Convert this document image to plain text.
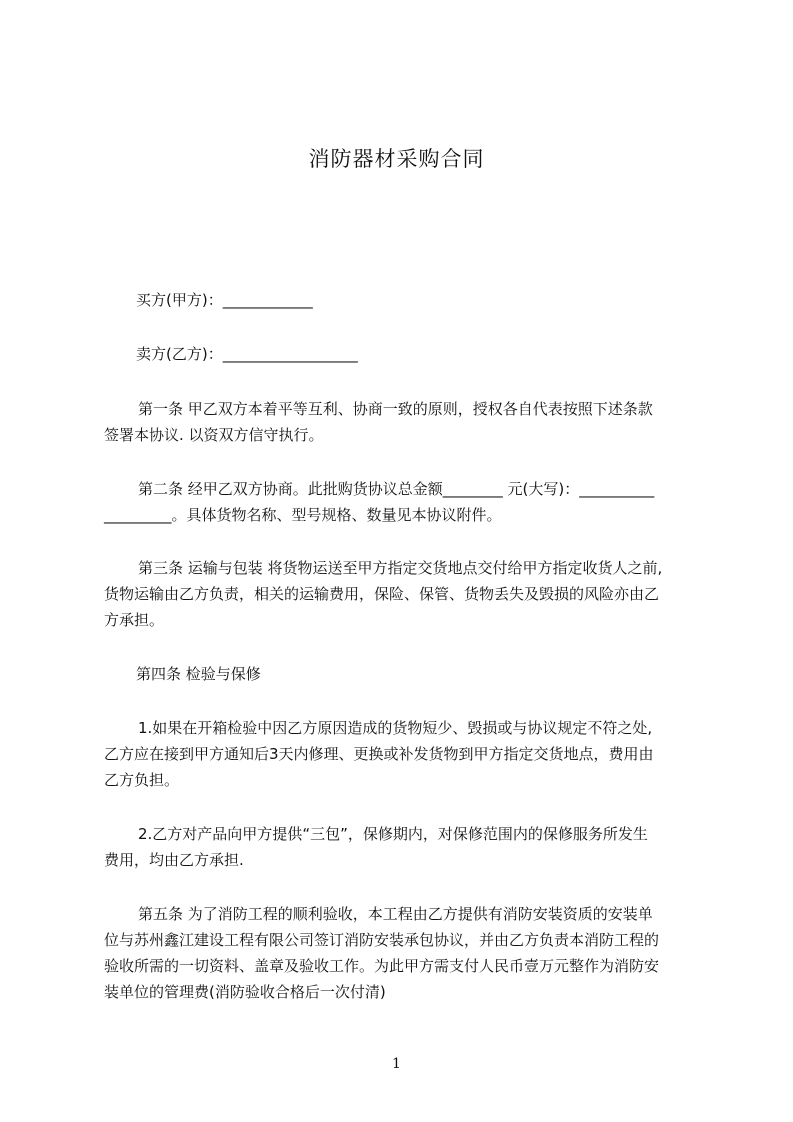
消防器材采购合同
买方(甲方)：____________
卖方(乙方)：__________________
第一条 甲乙双方本着平等互利、协商一致的原则，授权各自代表按照下述条款
签署本协议. 以资双方信守执行。
第二条 经甲乙双方协商。此批购货协议总金额________ 元(大写)：__________
_________。具体货物名称、型号规格、数量见本协议附件。
第三条 运输与包装 将货物运送至甲方指定交货地点交付给甲方指定收货人之前,
货物运输由乙方负责，相关的运输费用，保险、保管、货物丢失及毁损的风险亦由乙
方承担。
第四条 检验与保修
1.如果在开箱检验中因乙方原因造成的货物短少、毁损或与协议规定不符之处,
乙方应在接到甲方通知后3天内修理、更换或补发货物到甲方指定交货地点，费用由
乙方负担。
2.乙方对产品向甲方提供“三包”，保修期内，对保修范围内的保修服务所发生
费用，均由乙方承担.
第五条 为了消防工程的顺利验收，本工程由乙方提供有消防安装资质的安装单
位与苏州鑫江建设工程有限公司签订消防安装承包协议，并由乙方负责本消防工程的
验收所需的一切资料、盖章及验收工作。为此甲方需支付人民币壹万元整作为消防安
装单位的管理费(消防验收合格后一次付清)
1
